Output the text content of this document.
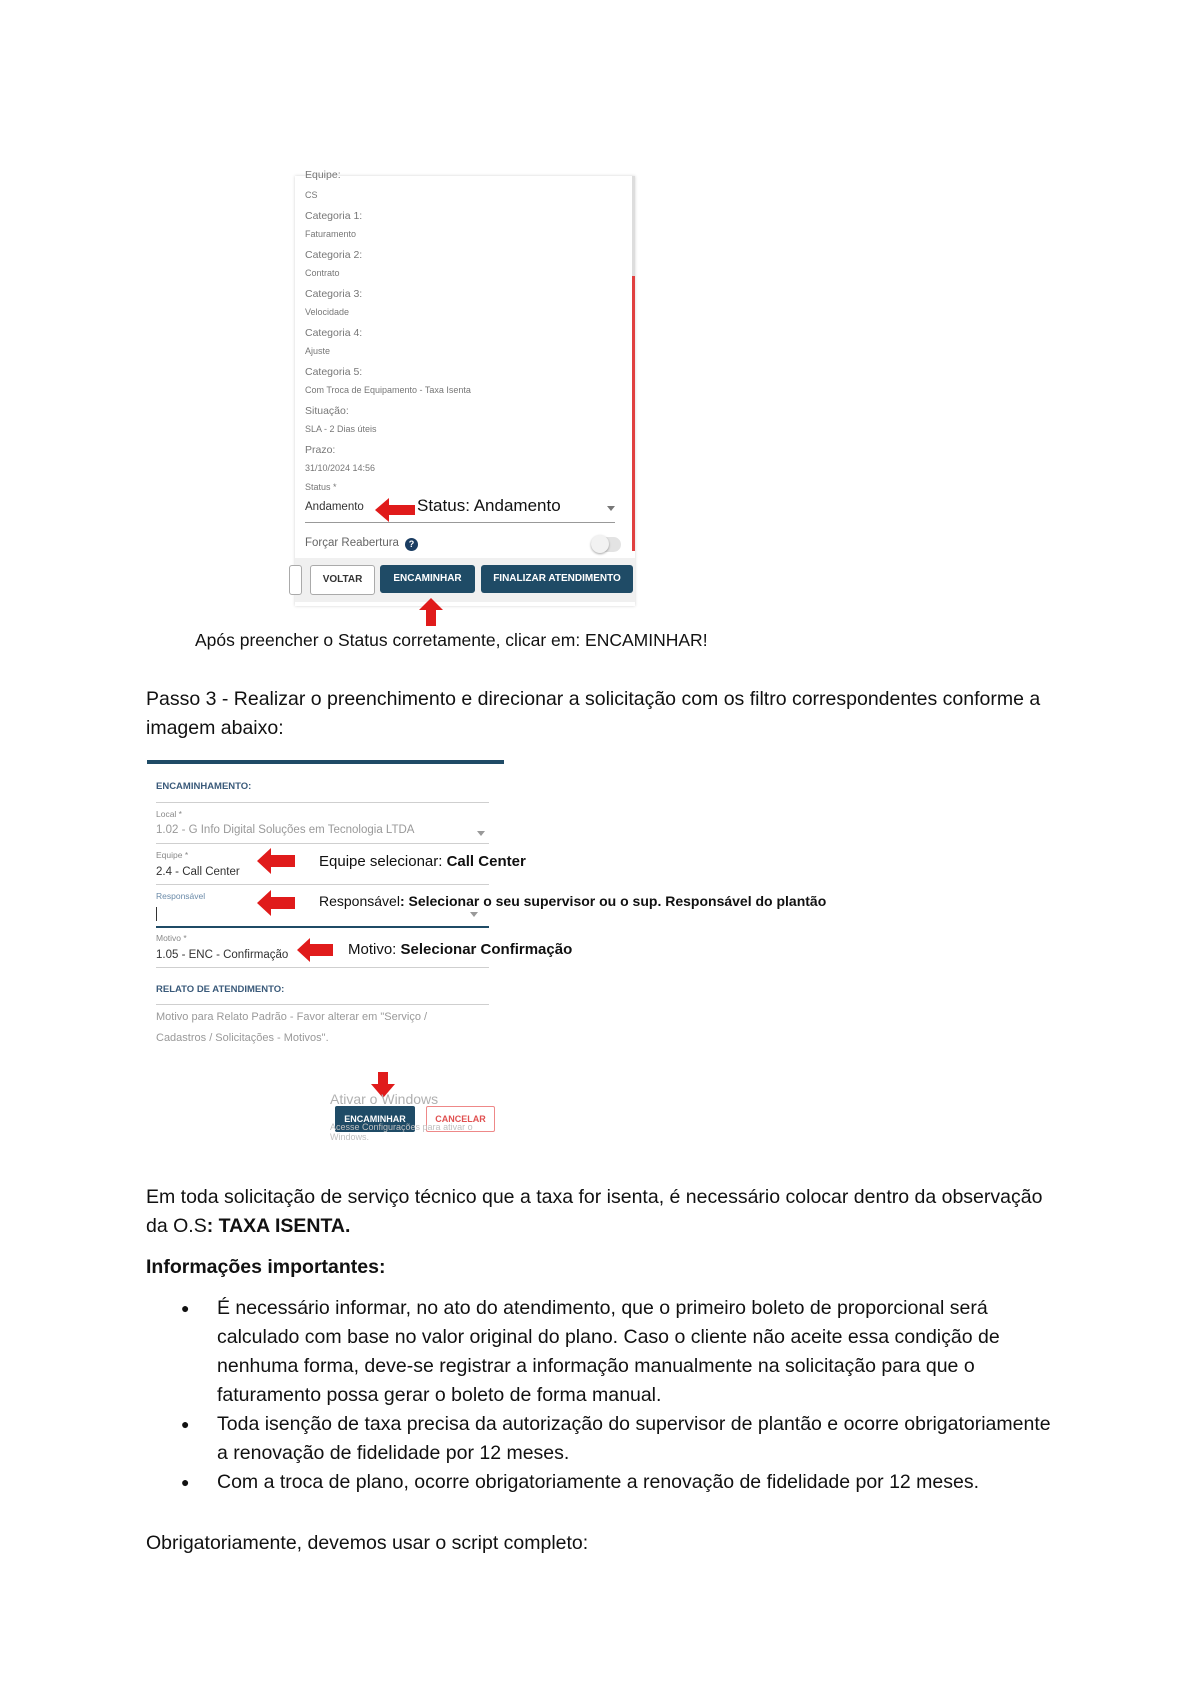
Equipe:
CS
Categoria 1:
Faturamento
Categoria 2:
Contrato
Categoria 3:
Velocidade
Categoria 4:
Ajuste
Categoria 5:
Com Troca de Equipamento - Taxa Isenta
Situação:
SLA - 2 Dias úteis
Prazo:
31/10/2024 14:56
Status *
Andamento	Status: Andamento
Forçar Reabertura	?
VOLTAR	ENCAMINHAR	FINALIZAR ATENDIMENTO
Após preencher o Status corretamente, clicar em: ENCAMINHAR!
Passo 3 - Realizar o preenchimento e direcionar a solicitação com os filtro correspondentes conforme a imagem abaixo:
ENCAMINHAMENTO:
Local *
1.02 - G Info Digital Soluções em Tecnologia LTDA
Equipe *
2.4 - Call Center
Equipe selecionar: Call Center
Responsável	Responsável: Selecionar o seu supervisor ou o sup. Responsável do plantão
Motivo *
1.05 - ENC - Confirmação	Motivo: Selecionar Confirmação
RELATO DE ATENDIMENTO:
Motivo para Relato Padrão - Favor alterar em "Serviço / Cadastros / Solicitações - Motivos".
ENCAMINHAR	CANCELAR
Ativar o Windows
Acesse Configurações para ativar o Windows.
Em toda solicitação de serviço técnico que a taxa for isenta, é necessário colocar dentro da observação da O.S: TAXA ISENTA.
Informações importantes:
● É necessário informar, no ato do atendimento, que o primeiro boleto de proporcional será calculado com base no valor original do plano. Caso o cliente não aceite essa condição de nenhuma forma, deve-se registrar a informação manualmente na solicitação para que o faturamento possa gerar o boleto de forma manual.
● Toda isenção de taxa precisa da autorização do supervisor de plantão e ocorre obrigatoriamente a renovação de fidelidade por 12 meses.
● Com a troca de plano, ocorre obrigatoriamente a renovação de fidelidade por 12 meses.
Obrigatoriamente, devemos usar o script completo:
